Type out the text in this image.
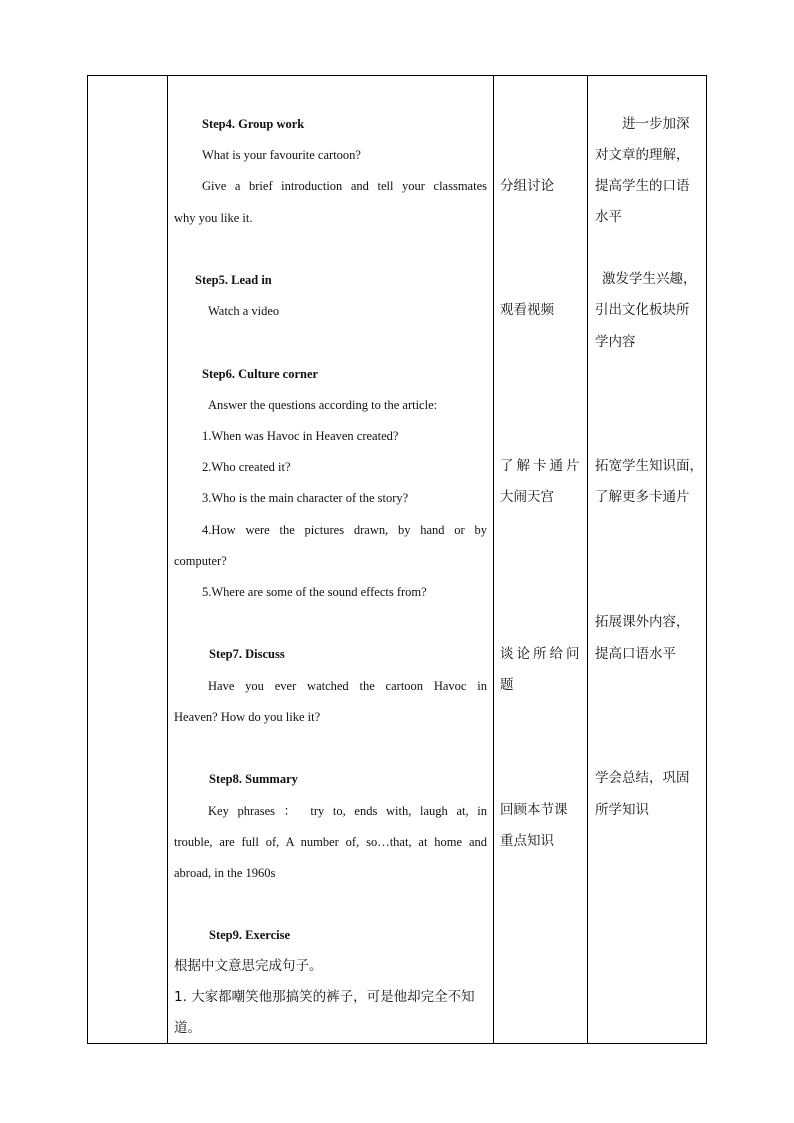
Step4. Group work
What is your favourite cartoon?
Give a brief introduction and tell your classmates
why you like it.
分组讨论
进一步加深
对文章的理解，
提高学生的口语
水平
Step5. Lead in
Watch a video	观看视频
激发学生兴趣，
引出文化板块所
学内容
Step6. Culture corner
Answer the questions according to the article:
1.When was Havoc in Heaven created?
2.Who created it?
3.Who is the main character of the story?
4.How were the pictures drawn, by hand or by
computer?
5.Where are some of the sound effects from?
了解卡通片
大闹天宫
拓宽学生知识面，
了解更多卡通片
Step7. Discuss
Have you ever watched the cartoon Havoc in
Heaven? How do you like it?
谈论所给问
题
拓展课外内容，
提高口语水平
Step8. Summary
Key phrases ： try to, ends with, laugh at, in
trouble, are full of, A number of, so…that, at home and
abroad, in the 1960s
回顾本节课
重点知识
学会总结，巩固
所学知识
Step9. Exercise
根据中文意思完成句子。
1. 大家都嘲笑他那搞笑的裤子，可是他却完全不知
道。
